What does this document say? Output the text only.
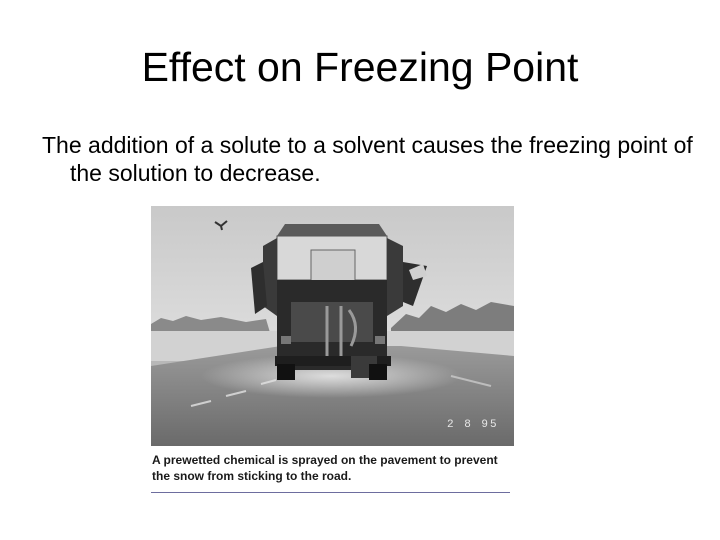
Effect on Freezing Point
The addition of a solute to a solvent causes the freezing point of the solution to decrease.
2 8 95
A prewetted chemical is sprayed on the pavement to prevent
the snow from sticking to the road.
